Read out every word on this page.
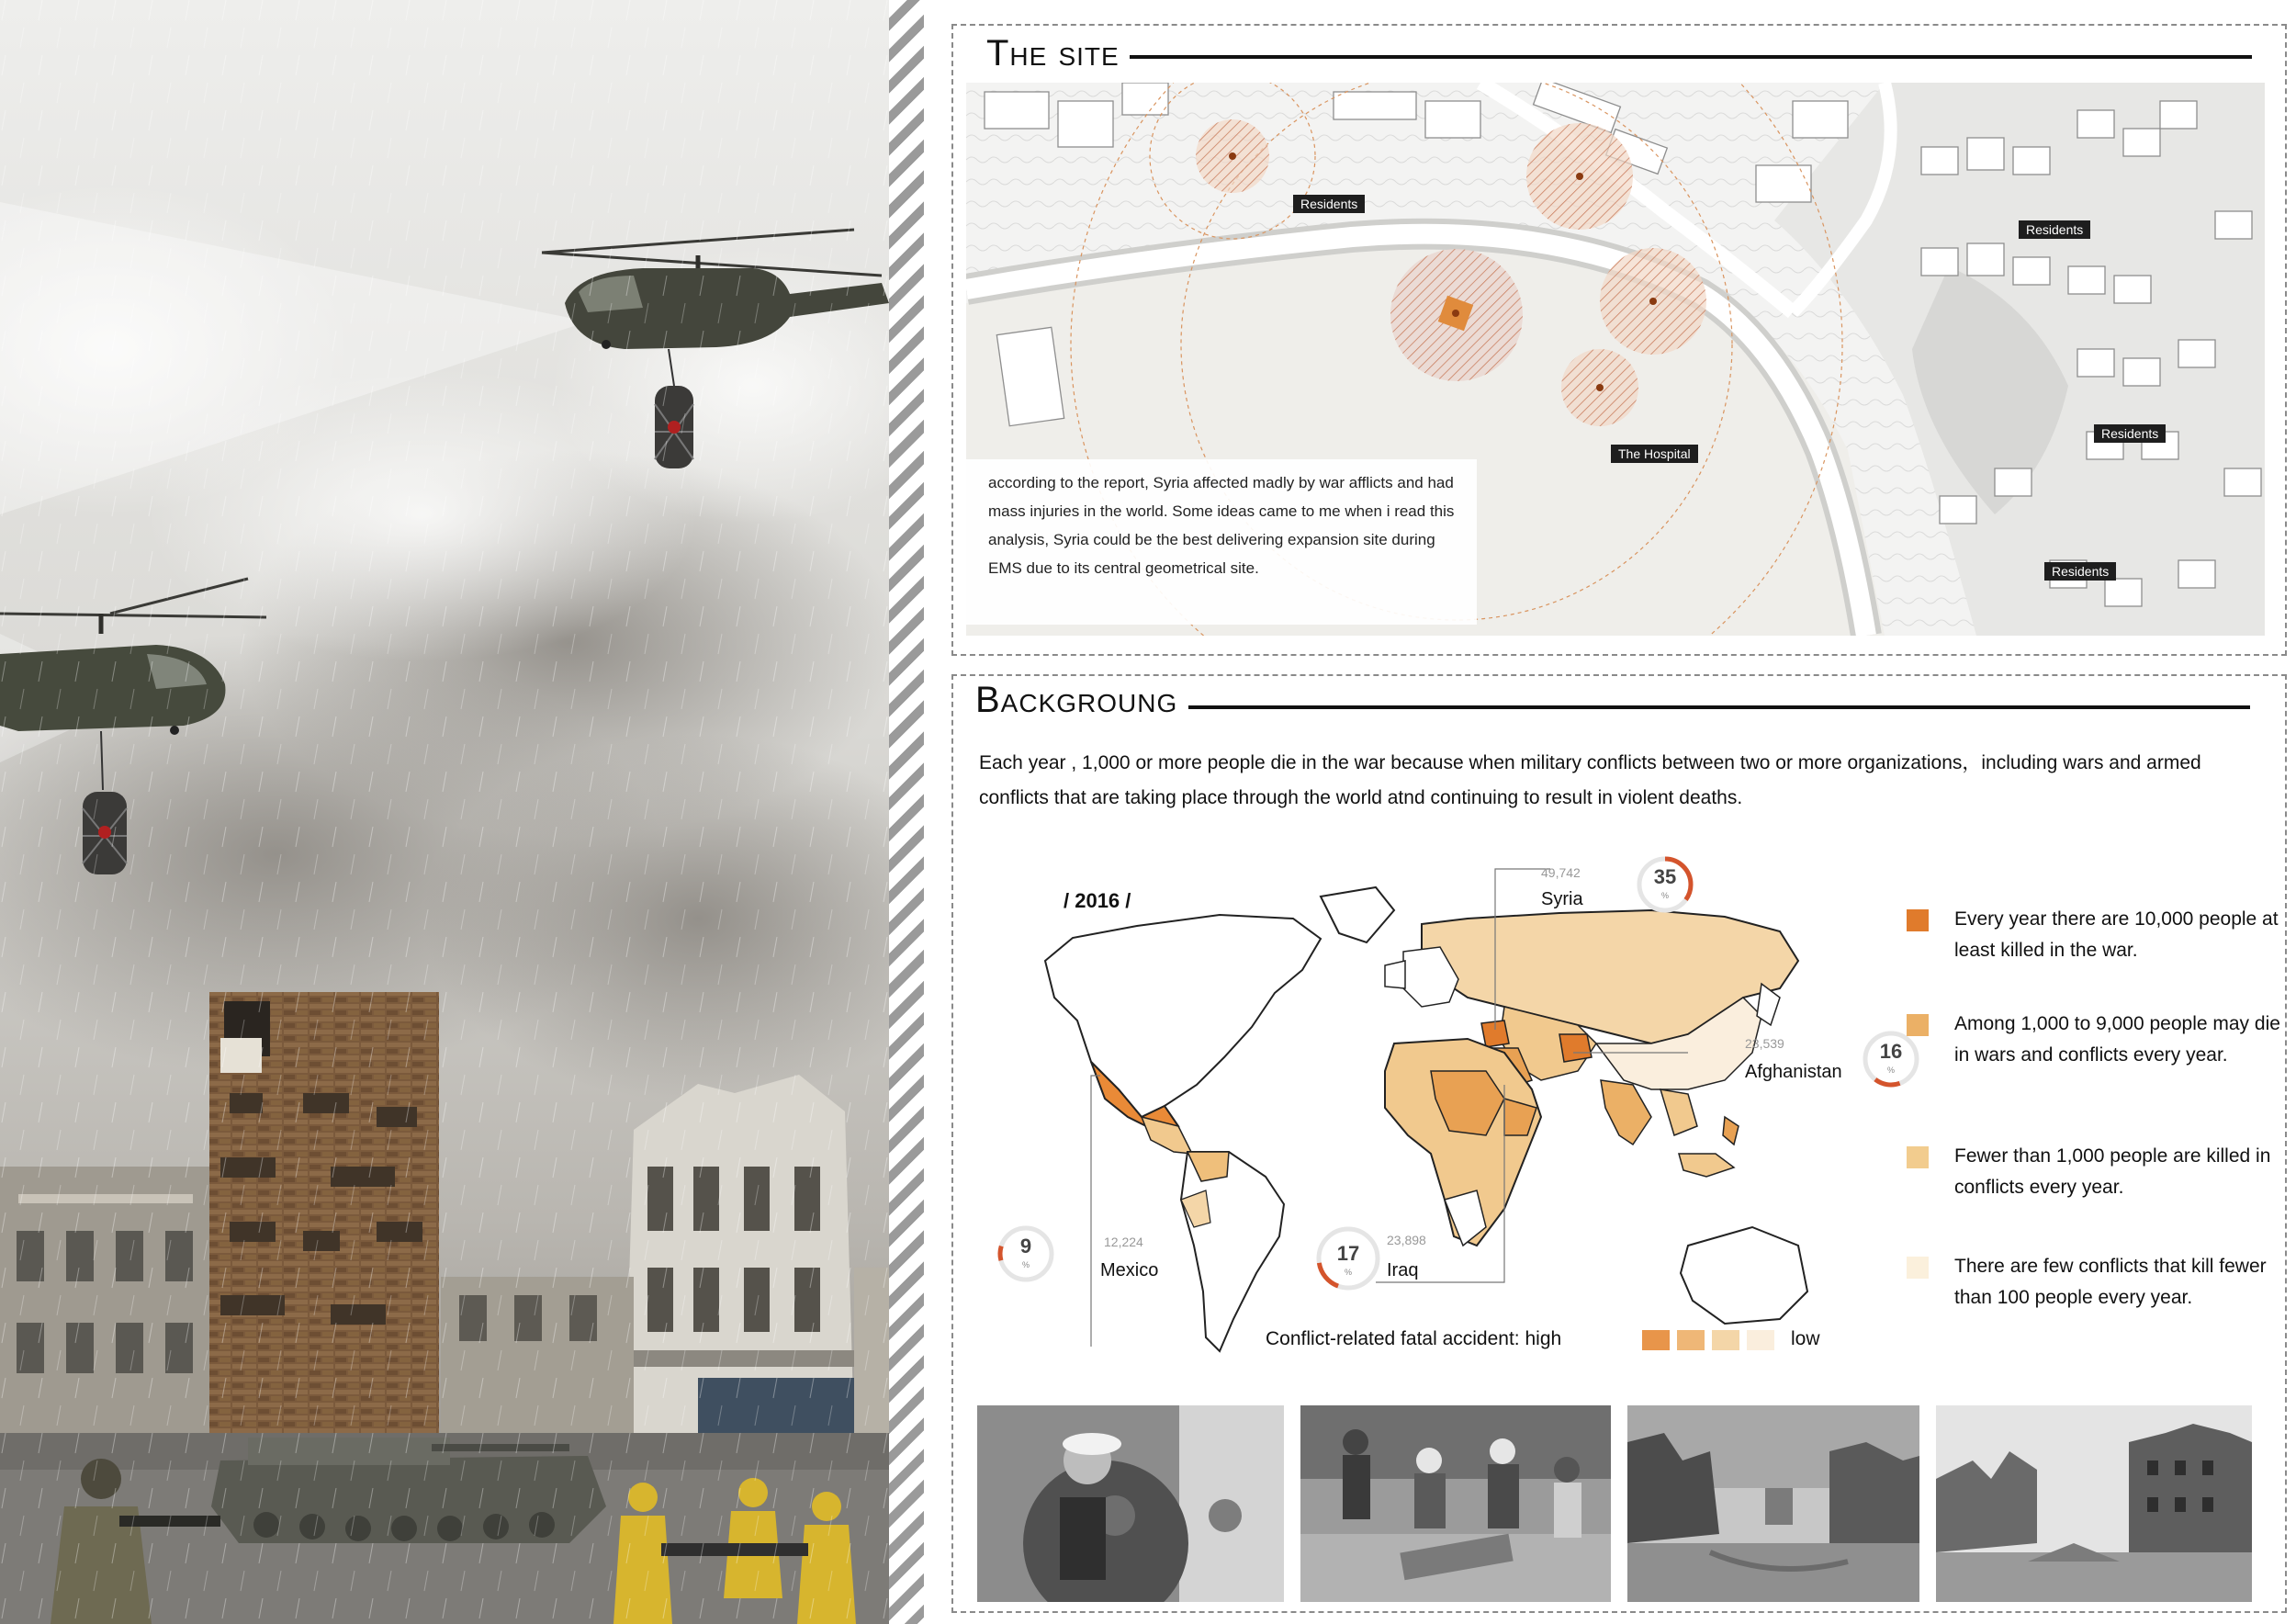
The site
Residents
Residents
Residents
Residents
The Hospital
according to the report, Syria affected madly by war afflicts and had mass injuries in the world. Some ideas came to me when i read this analysis, Syria could be the best delivering expansion site during EMS due to its central geometrical site.
Backgroung
Each year , 1,000 or more people die in the war because when military conflicts between two or more organizations，including wars and armed conflicts that are taking place through the world atnd continuing to result in violent deaths.
/ 2016 /
49,742
Syria
35
%
23,539
Afghanistan
16
%
9
%
12,224
Mexico
17
%
23,898
Iraq
Conflict-related fatal accident: high	low
Every year there are 10,000 people at least killed in the war.
Among 1,000 to 9,000 people may die in wars and conflicts every year.
Fewer than 1,000 people are killed in conflicts every year.
There are few conflicts that kill fewer than 100 people every year.
